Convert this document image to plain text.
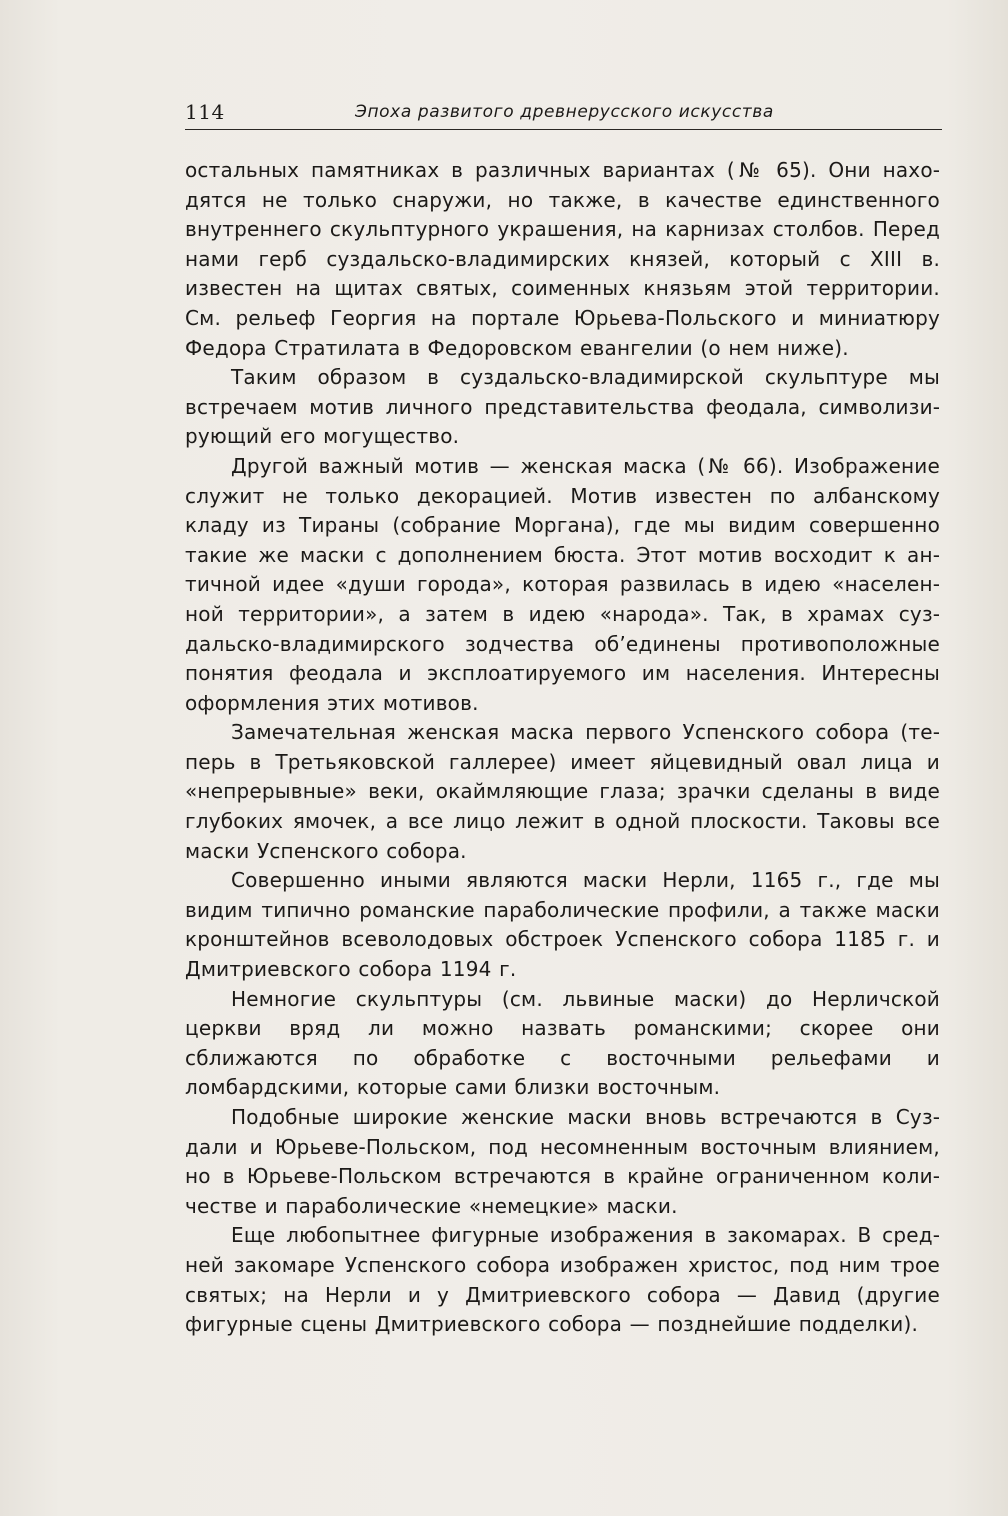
114	Эпоха развитого древнерусского искусства

остальных памятниках в различных вариантах (№ 65). Они находятся не только снаружи, но также, в качестве единственного внутреннего скульптурного украшения, на карнизах столбов. Перед нами герб суздальско-владимирских князей, который с XIII в. известен на щитах святых, соименных князьям этой территории. См. рельеф Георгия на портале Юрьева-Польского и миниатюру Федора Стратилата в Федоровском евангелии (о нем ниже).

Таким образом в суздальско-владимирской скульптуре мы встречаем мотив личного представительства феодала, символизирующий его могущество.

Другой важный мотив — женская маска (№ 66). Изображение служит не только декорацией. Мотив известен по албанскому кладу из Тираны (собрание Моргана), где мы видим совершенно такие же маски с дополнением бюста. Этот мотив восходит к античной идее «души города», которая развилась в идею «населенной территории», а затем в идею «народа». Так, в храмах суздальско-владимирского зодчества об’единены противоположные понятия феодала и эксплоатируемого им населения. Интересны оформления этих мотивов.

Замечательная женская маска первого Успенского собора (теперь в Третьяковской галлерее) имеет яйцевидный овал лица и «непрерывные» веки, окаймляющие глаза; зрачки сделаны в виде глубоких ямочек, а все лицо лежит в одной плоскости. Таковы все маски Успенского собора.

Совершенно иными являются маски Нерли, 1165 г., где мы видим типично романские параболические профили, а также маски кронштейнов всеволодовых обстроек Успенского собора 1185 г. и Дмитриевского собора 1194 г.

Немногие скульптуры (см. львиные маски) до Нерличской церкви вряд ли можно назвать романскими; скорее они сближаются по обработке с восточными рельефами и ломбардскими, которые сами близки восточным.

Подобные широкие женские маски вновь встречаются в Суздали и Юрьеве-Польском, под несомненным восточным влиянием, но в Юрьеве-Польском встречаются в крайне ограниченном количестве и параболические «немецкие» маски.

Еще любопытнее фигурные изображения в закомарах. В средней закомаре Успенского собора изображен христос, под ним трое святых; на Нерли и у Дмитриевского собора — Давид (другие фигурные сцены Дмитриевского собора — позднейшие подделки).
